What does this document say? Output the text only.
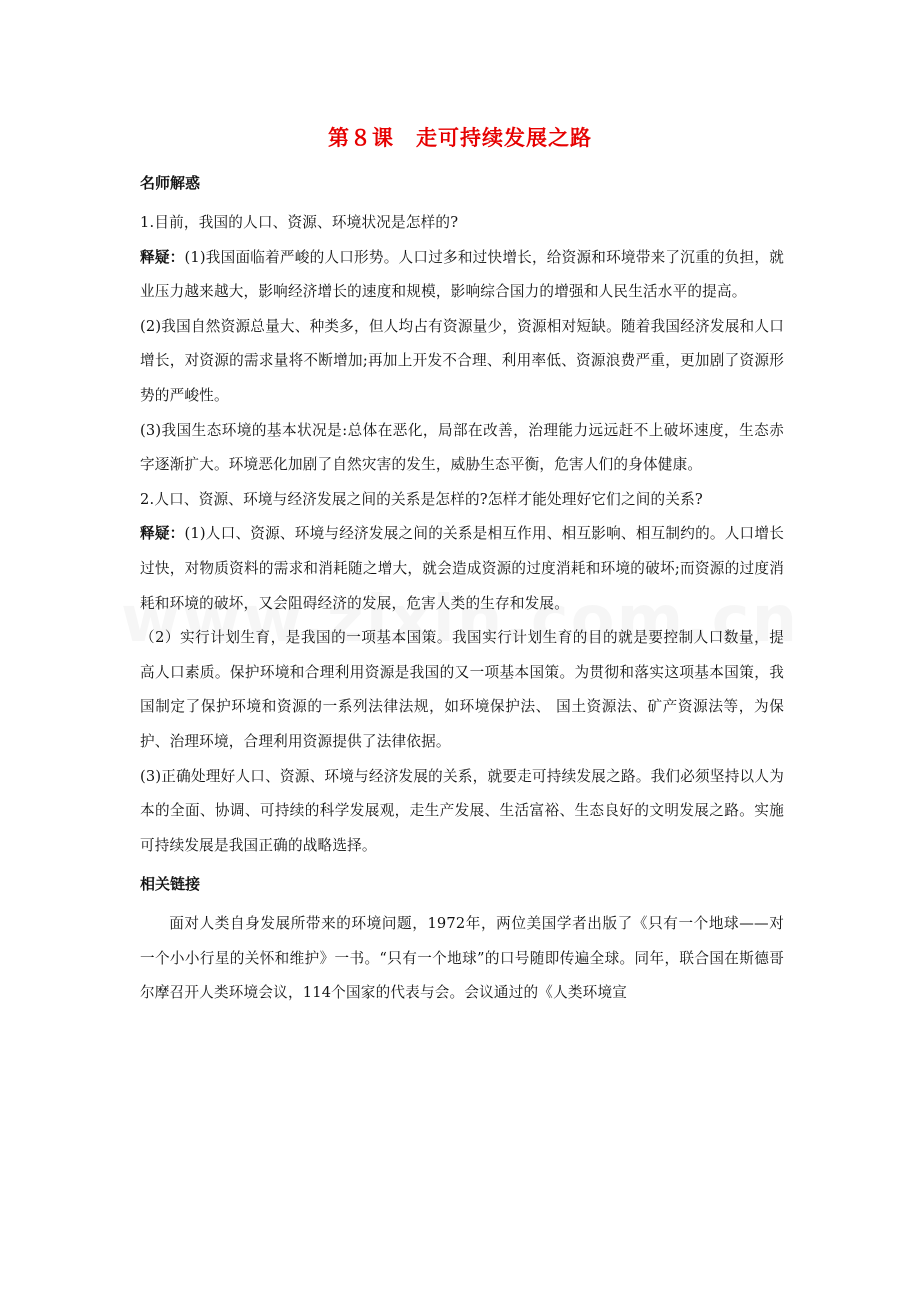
第８课　走可持续发展之路

名师解惑

1.目前，我国的人口、资源、环境状况是怎样的?

释疑：(1)我国面临着严峻的人口形势。人口过多和过快增长，给资源和环境带来了沉重的负担，就业压力越来越大，影响经济增长的速度和规模，影响综合国力的增强和人民生活水平的提高。

(2)我国自然资源总量大、种类多，但人均占有资源量少，资源相对短缺。随着我国经济发展和人口增长，对资源的需求量将不断增加;再加上开发不合理、利用率低、资源浪费严重，更加剧了资源形势的严峻性。

(3)我国生态环境的基本状况是:总体在恶化，局部在改善，治理能力远远赶不上破坏速度，生态赤字逐渐扩大。环境恶化加剧了自然灾害的发生，威胁生态平衡，危害人们的身体健康。

2.人口、资源、环境与经济发展之间的关系是怎样的?怎样才能处理好它们之间的关系?

释疑：(1)人口、资源、环境与经济发展之间的关系是相互作用、相互影响、相互制约的。人口增长过快，对物质资料的需求和消耗随之增大，就会造成资源的过度消耗和环境的破坏;而资源的过度消耗和环境的破坏，又会阻碍经济的发展，危害人类的生存和发展。

（2）实行计划生育，是我国的一项基本国策。我国实行计划生育的目的就是要控制人口数量，提高人口素质。保护环境和合理利用资源是我国的又一项基本国策。为贯彻和落实这项基本国策，我国制定了保护环境和资源的一系列法律法规，如环境保护法、 国土资源法、矿产资源法等，为保护、治理环境，合理利用资源提供了法律依据。

(3)正确处理好人口、资源、环境与经济发展的关系，就要走可持续发展之路。我们必须坚持以人为本的全面、协调、可持续的科学发展观，走生产发展、生活富裕、生态良好的文明发展之路。实施可持续发展是我国正确的战略选择。

相关链接

面对人类自身发展所带来的环境问题，1972年，两位美国学者出版了《只有一个地球——对一个小小行星的关怀和维护》一书。“只有一个地球”的口号随即传遍全球。同年，联合国在斯德哥尔摩召开人类环境会议，114个国家的代表与会。会议通过的《人类环境宣
